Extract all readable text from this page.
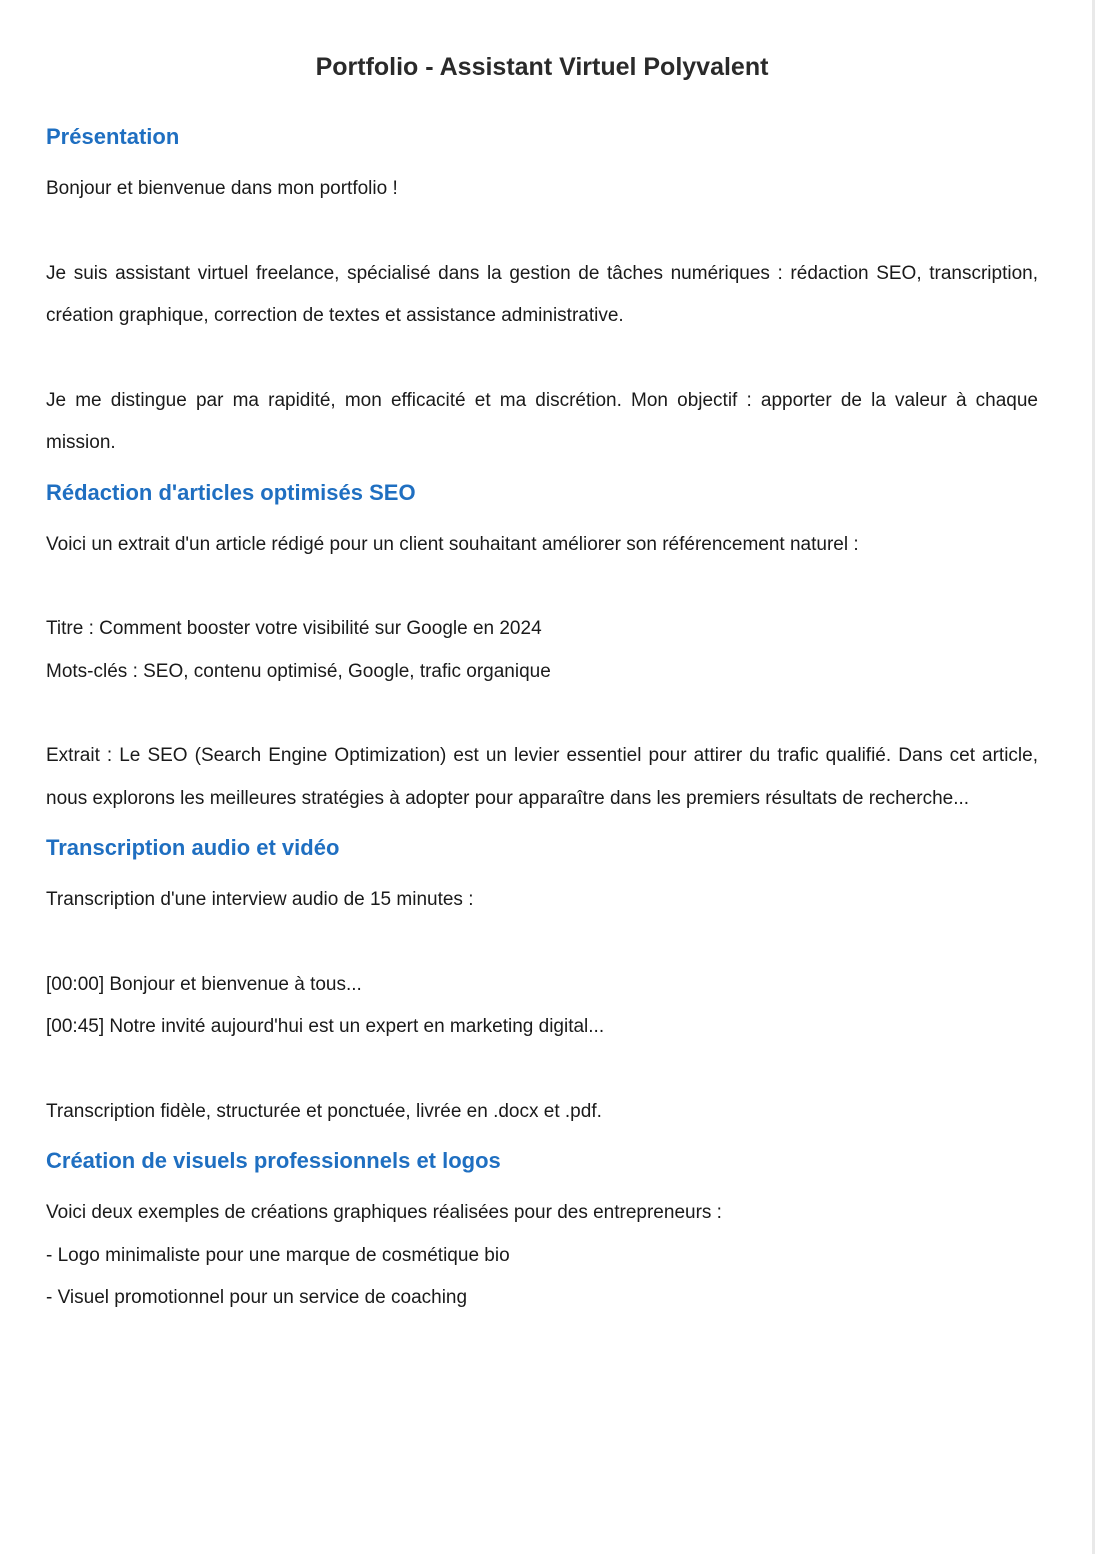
Portfolio - Assistant Virtuel Polyvalent
Présentation

Bonjour et bienvenue dans mon portfolio !

Je suis assistant virtuel freelance, spécialisé dans la gestion de tâches numériques : rédaction SEO, transcription, création graphique, correction de textes et assistance administrative.

Je me distingue par ma rapidité, mon efficacité et ma discrétion. Mon objectif : apporter de la valeur à chaque mission.

Rédaction d'articles optimisés SEO

Voici un extrait d'un article rédigé pour un client souhaitant améliorer son référencement naturel :

Titre : Comment booster votre visibilité sur Google en 2024

Mots-clés : SEO, contenu optimisé, Google, trafic organique

Extrait : Le SEO (Search Engine Optimization) est un levier essentiel pour attirer du trafic qualifié. Dans cet article, nous explorons les meilleures stratégies à adopter pour apparaître dans les premiers résultats de recherche...

Transcription audio et vidéo

Transcription d'une interview audio de 15 minutes :

[00:00] Bonjour et bienvenue à tous...

[00:45] Notre invité aujourd'hui est un expert en marketing digital...

Transcription fidèle, structurée et ponctuée, livrée en .docx et .pdf.

Création de visuels professionnels et logos

Voici deux exemples de créations graphiques réalisées pour des entrepreneurs :

- Logo minimaliste pour une marque de cosmétique bio

- Visuel promotionnel pour un service de coaching
